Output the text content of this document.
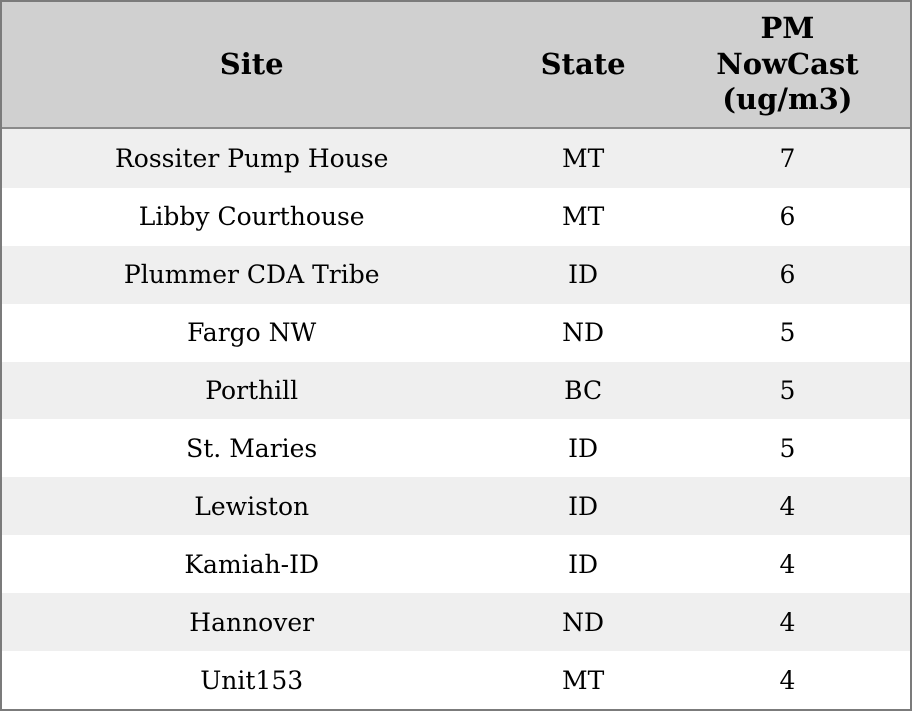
Site	State	PM NowCast (ug/m3)
Rossiter Pump House	MT	7
Libby Courthouse	MT	6
Plummer CDA Tribe	ID	6
Fargo NW	ND	5
Porthill	BC	5
St. Maries	ID	5
Lewiston	ID	4
Kamiah-ID	ID	4
Hannover	ND	4
Unit153	MT	4
